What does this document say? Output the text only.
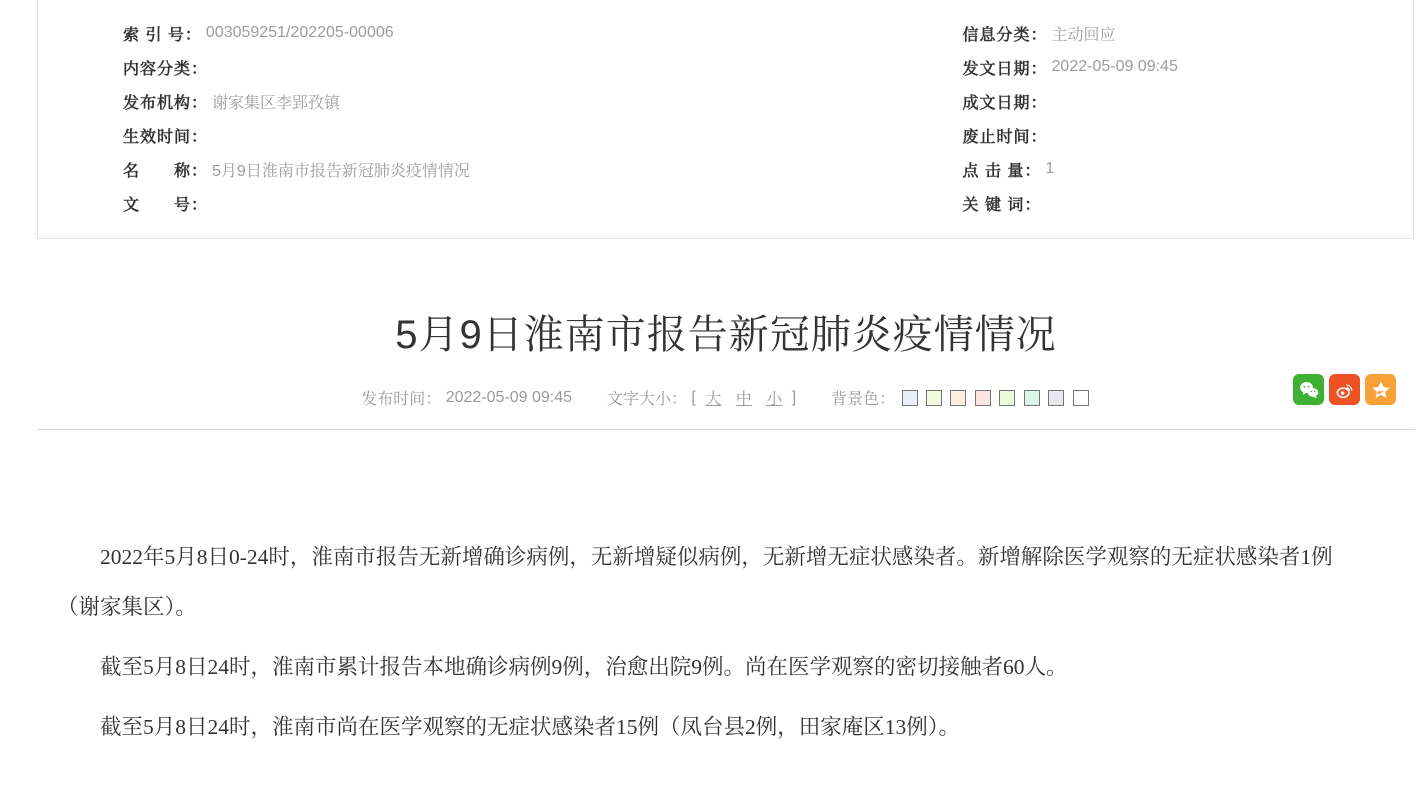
索 引 号： 003059251/202205-00006
内容分类：
发布机构： 谢家集区李郢孜镇
生效时间：
名　　称： 5月9日淮南市报告新冠肺炎疫情情况
文　　号：
信息分类： 主动回应
发文日期： 2022-05-09 09:45
成文日期：
废止时间：
点 击 量： 1
关 键 词：
5月9日淮南市报告新冠肺炎疫情情况
发布时间： 2022-05-09 09:45 文字大小： [ 大 中 小 ] 背景色：

2022年5月8日0-24时，淮南市报告无新增确诊病例，无新增疑似病例，无新增无症状感染者。新增解除医学观察的无症状感染者1例（谢家集区）。

截至5月8日24时，淮南市累计报告本地确诊病例9例，治愈出院9例。尚在医学观察的密切接触者60人。

截至5月8日24时，淮南市尚在医学观察的无症状感染者15例（凤台县2例，田家庵区13例）。
